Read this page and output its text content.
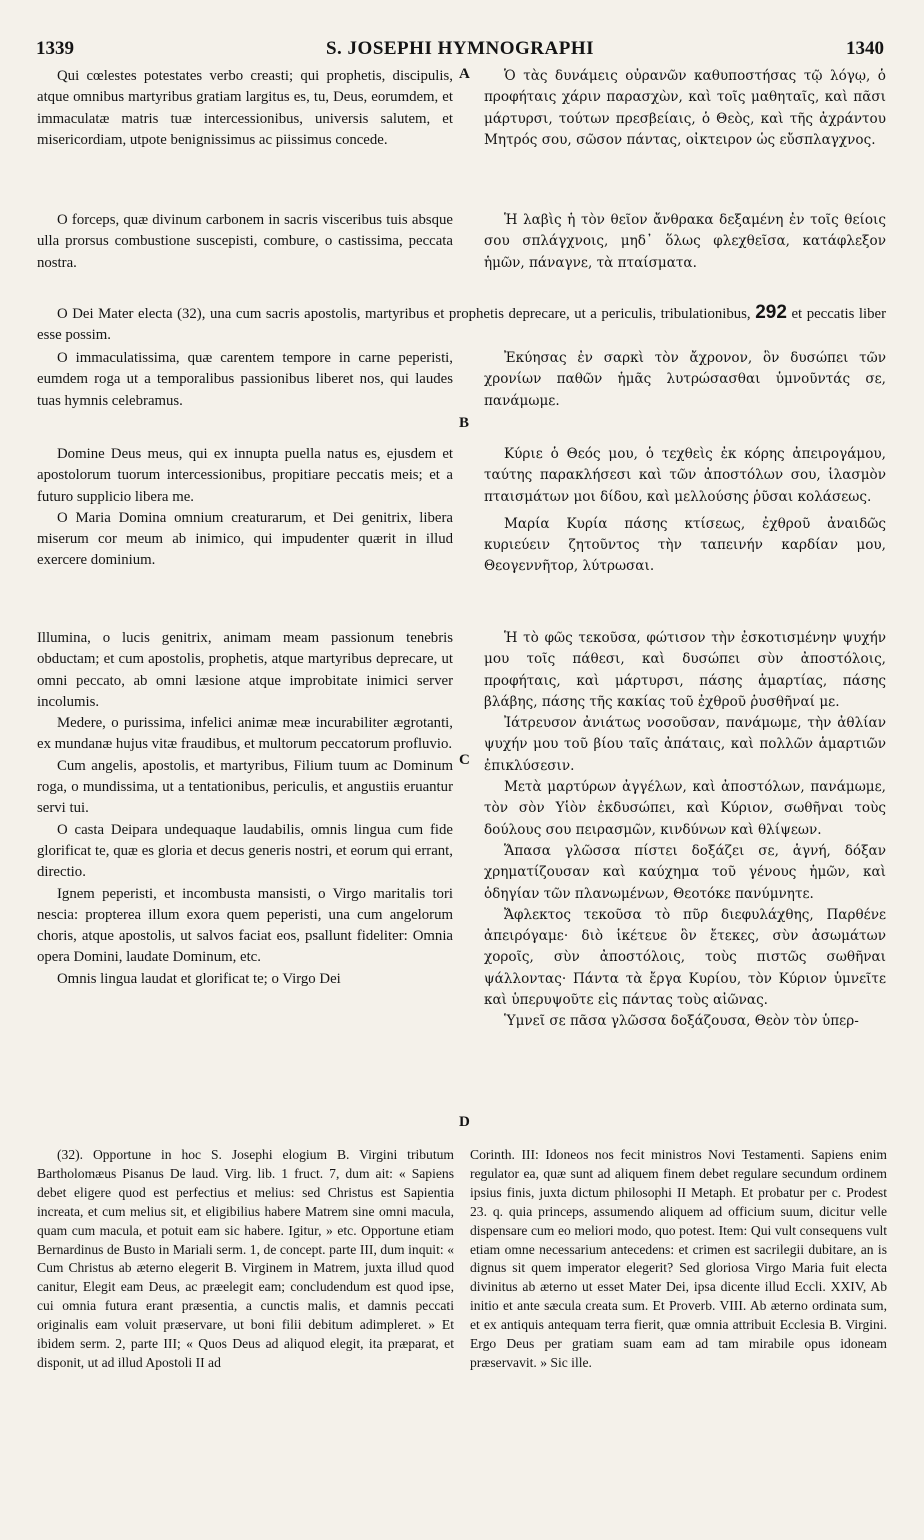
1339	S. JOSEPHI HYMNOGRAPHI	1340
A
B
C
D

Qui cœlestes potestates verbo creasti; qui prophetis, discipulis, atque omnibus martyribus gratiam largitus es, tu, Deus, eorumdem, et immaculatæ matris tuæ intercessionibus, universis salutem, et misericordiam, utpote benignissimus ac piissimus concede.

Ὁ τὰς δυνάμεις οὐρανῶν καθυποστήσας τῷ λόγῳ, ὁ προφήταις χάριν παρασχὼν, καὶ τοῖς μαθηταῖς, καὶ πᾶσι μάρτυρσι, τούτων πρεσβείαις, ὁ Θεὸς, καὶ τῆς ἀχράντου Μητρός σου, σῶσον πάντας, οἰκτειρον ὡς εὔσπλαγχνος.

O forceps, quæ divinum carbonem in sacris visceribus tuis absque ulla prorsus combustione suscepisti, combure, o castissima, peccata nostra.

Ἡ λαβὶς ἡ τὸν θεῖον ἄνθρακα δεξαμένη ἐν τοῖς θείοις σου σπλάγχνοις, μηδ᾽ ὅλως φλεχθεῖσα, κατάφλεξον ἡμῶν, πάναγνε, τὰ πταίσματα.

O Dei Mater electa (32), una cum sacris apostolis, martyribus et prophetis deprecare, ut a periculis, tribulationibus, 292 et peccatis liber esse possim.

O immaculatissima, quæ carentem tempore in carne peperisti, eumdem roga ut a temporalibus passionibus liberet nos, qui laudes tuas hymnis celebramus.

Ἐκύησας ἐν σαρκὶ τὸν ἄχρονον, ὃν δυσώπει τῶν χρονίων παθῶν ἡμᾶς λυτρώσασθαι ὑμνοῦντάς σε, πανάμωμε.

Domine Deus meus, qui ex innupta puella natus es, ejusdem et apostolorum tuorum intercessionibus, propitiare peccatis meis; et a futuro supplicio libera me.

O Maria Domina omnium creaturarum, et Dei genitrix, libera miserum cor meum ab inimico, qui impudenter quærit in illud exercere dominium.

Κύριε ὁ Θεός μου, ὁ τεχθεὶς ἐκ κόρης ἀπειρογάμου, ταύτης παρακλήσεσι καὶ τῶν ἀποστόλων σου, ἱλασμὸν πταισμάτων μοι δίδου, καὶ μελλούσης ῥῦσαι κολάσεως.

Μαρία Κυρία πάσης κτίσεως, ἐχθροῦ ἀναιδῶς κυριεύειν ζητοῦντος τὴν ταπεινήν καρδίαν μου, Θεογεννῆτορ, λύτρωσαι.

Illumina, o lucis genitrix, animam meam passionum tenebris obductam; et cum apostolis, prophetis, atque martyribus deprecare, ut omni peccato, ab omni læsione atque improbitate inimici server incolumis.

Medere, o purissima, infelici animæ meæ incurabiliter ægrotanti, ex mundanæ hujus vitæ fraudibus, et multorum peccatorum profluvio.

Cum angelis, apostolis, et martyribus, Filium tuum ac Dominum roga, o mundissima, ut a tentationibus, periculis, et angustiis eruantur servi tui.

O casta Deipara undequaque laudabilis, omnis lingua cum fide glorificat te, quæ es gloria et decus generis nostri, et eorum qui errant, directio.

Ignem peperisti, et incombusta mansisti, o Virgo maritalis tori nescia: propterea illum exora quem peperisti, una cum angelorum choris, atque apostolis, ut salvos faciat eos, psallunt fideliter: Omnia opera Domini, laudate Dominum, etc.

Omnis lingua laudat et glorificat te; o Virgo Dei

Ἡ τὸ φῶς τεκοῦσα, φώτισον τὴν ἐσκοτισμένην ψυχήν μου τοῖς πάθεσι, καὶ δυσώπει σὺν ἀποστόλοις, προφήταις, καὶ μάρτυρσι, πάσης ἁμαρτίας, πάσης βλάβης, πάσης τῆς κακίας τοῦ ἐχθροῦ ῥυσθῆναί με.

Ἰάτρευσον ἀνιάτως νοσοῦσαν, πανάμωμε, τὴν ἀθλίαν ψυχήν μου τοῦ βίου ταῖς ἀπάταις, καὶ πολλῶν ἁμαρτιῶν ἐπικλύσεσιν.

Μετὰ μαρτύρων ἀγγέλων, καὶ ἀποστόλων, πανάμωμε, τὸν σὸν Υἱὸν ἐκδυσώπει, καὶ Κύριον, σωθῆναι τοὺς δούλους σου πειρασμῶν, κινδύνων καὶ θλίψεων.

Ἅπασα γλῶσσα πίστει δοξάζει σε, ἁγνή, δόξαν χρηματίζουσαν καὶ καύχημα τοῦ γένους ἡμῶν, καὶ ὁδηγίαν τῶν πλανωμένων, Θεοτόκε πανύμνητε.

Ἄφλεκτος τεκοῦσα τὸ πῦρ διεφυλάχθης, Παρθένε ἀπειρόγαμε· διὸ ἱκέτευε ὃν ἔτεκες, σὺν ἀσωμάτων χοροῖς, σὺν ἀποστόλοις, τοὺς πιστῶς σωθῆναι ψάλλοντας· Πάντα τὰ ἔργα Κυρίου, τὸν Κύριον ὑμνεῖτε καὶ ὑπερυψοῦτε εἰς πάντας τοὺς αἰῶνας.

Ὑμνεῖ σε πᾶσα γλῶσσα δοξάζουσα, Θεὸν τὸν ὑπερ-

(32). Opportune in hoc S. Josephi elogium B. Virgini tributum Bartholomæus Pisanus De laud. Virg. lib. 1 fruct. 7, dum ait: « Sapiens debet eligere quod est perfectius et melius: sed Christus est Sapientia increata, et cum melius sit, et eligibilius habere Matrem sine omni macula, quam cum macula, et potuit eam sic habere. Igitur, » etc. Opportune etiam Bernardinus de Busto in Mariali serm. 1, de concept. parte III, dum inquit: « Cum Christus ab æterno elegerit B. Virginem in Matrem, juxta illud quod canitur, Elegit eam Deus, ac præelegit eam; concludendum est quod ipse, cui omnia futura erant præsentia, a cunctis malis, et damnis peccati originalis eam voluit præservare, ut boni filii debitum adimpleret. » Et ibidem serm. 2, parte III; « Quos Deus ad aliquod elegit, ita præparat, et disponit, ut ad illud Apostoli II ad

Corinth. III: Idoneos nos fecit ministros Novi Testamenti. Sapiens enim regulator ea, quæ sunt ad aliquem finem debet regulare secundum ordinem ipsius finis, juxta dictum philosophi II Metaph. Et probatur per c. Prodest 23. q. quia princeps, assumendo aliquem ad officium suum, dicitur velle dispensare cum eo meliori modo, quo potest. Item: Qui vult consequens vult etiam omne necessarium antecedens: et crimen est sacrilegii dubitare, an is dignus sit quem imperator elegerit? Sed gloriosa Virgo Maria fuit electa divinitus ab æterno ut esset Mater Dei, ipsa dicente illud Eccli. XXIV, Ab initio et ante sæcula creata sum. Et Proverb. VIII. Ab æterno ordinata sum, et ex antiquis antequam terra fierit, quæ omnia attribuit Ecclesia B. Virgini. Ergo Deus per gratiam suam eam ad tam mirabile opus idoneam præservavit. » Sic ille.
